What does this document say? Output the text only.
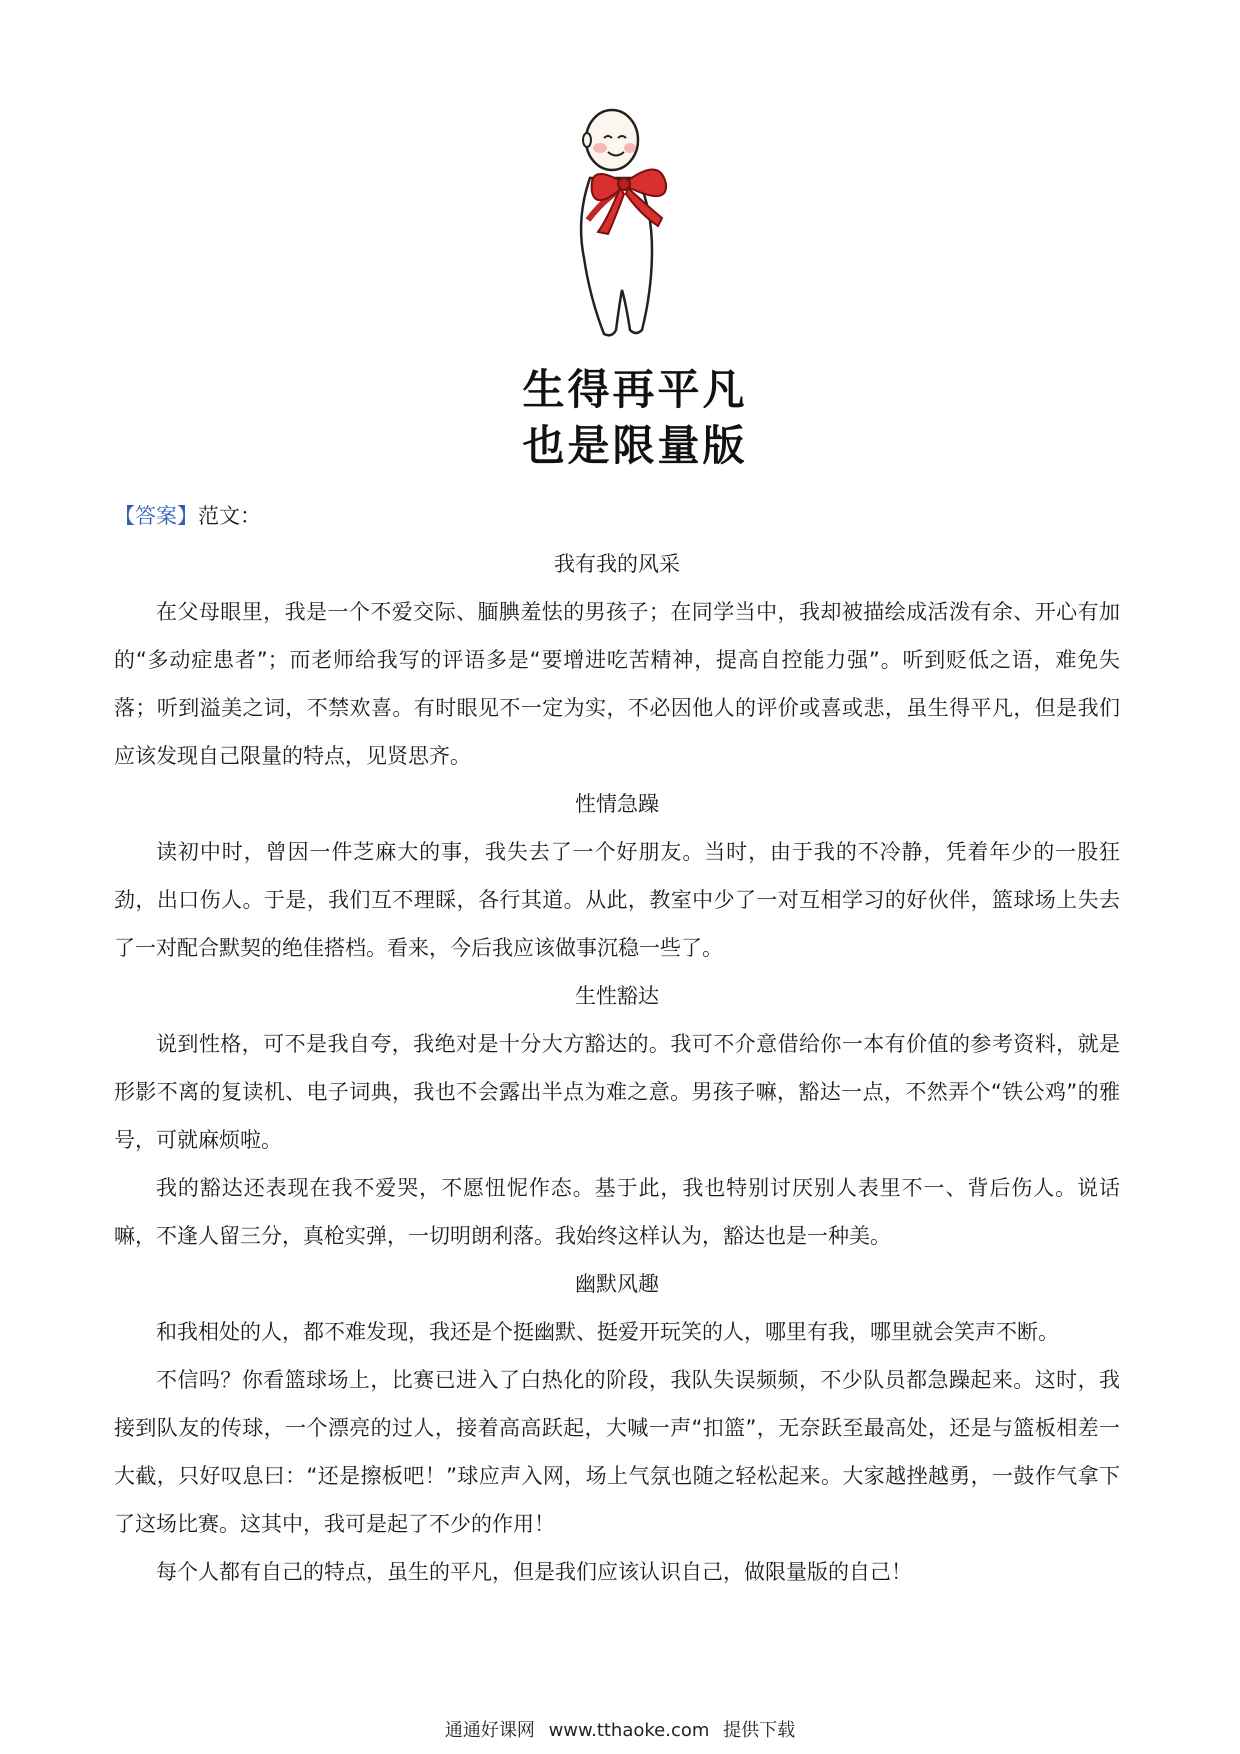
生得再平凡
也是限量版

【答案】范文：

我有我的风采

在父母眼里，我是一个不爱交际、腼腆羞怯的男孩子；在同学当中，我却被描绘成活泼有余、开心有加的“多动症患者”；而老师给我写的评语多是“要增进吃苦精神，提高自控能力强”。听到贬低之语，难免失落；听到溢美之词，不禁欢喜。有时眼见不一定为实，不必因他人的评价或喜或悲，虽生得平凡，但是我们应该发现自己限量的特点，见贤思齐。

性情急躁

读初中时，曾因一件芝麻大的事，我失去了一个好朋友。当时，由于我的不冷静，凭着年少的一股狂劲，出口伤人。于是，我们互不理睬，各行其道。从此，教室中少了一对互相学习的好伙伴，篮球场上失去了一对配合默契的绝佳搭档。看来，今后我应该做事沉稳一些了。

生性豁达

说到性格，可不是我自夸，我绝对是十分大方豁达的。我可不介意借给你一本有价值的参考资料，就是形影不离的复读机、电子词典，我也不会露出半点为难之意。男孩子嘛，豁达一点，不然弄个“铁公鸡”的雅号，可就麻烦啦。

我的豁达还表现在我不爱哭，不愿忸怩作态。基于此，我也特别讨厌别人表里不一、背后伤人。说话嘛，不逢人留三分，真枪实弹，一切明朗利落。我始终这样认为，豁达也是一种美。

幽默风趣

和我相处的人，都不难发现，我还是个挺幽默、挺爱开玩笑的人，哪里有我，哪里就会笑声不断。

不信吗？你看篮球场上，比赛已进入了白热化的阶段，我队失误频频，不少队员都急躁起来。这时，我接到队友的传球，一个漂亮的过人，接着高高跃起，大喊一声“扣篮”，无奈跃至最高处，还是与篮板相差一大截，只好叹息曰：“还是擦板吧！”球应声入网，场上气氛也随之轻松起来。大家越挫越勇，一鼓作气拿下了这场比赛。这其中，我可是起了不少的作用！

每个人都有自己的特点，虽生的平凡，但是我们应该认识自己，做限量版的自己！

通通好课网 www.tthaoke.com 提供下载
